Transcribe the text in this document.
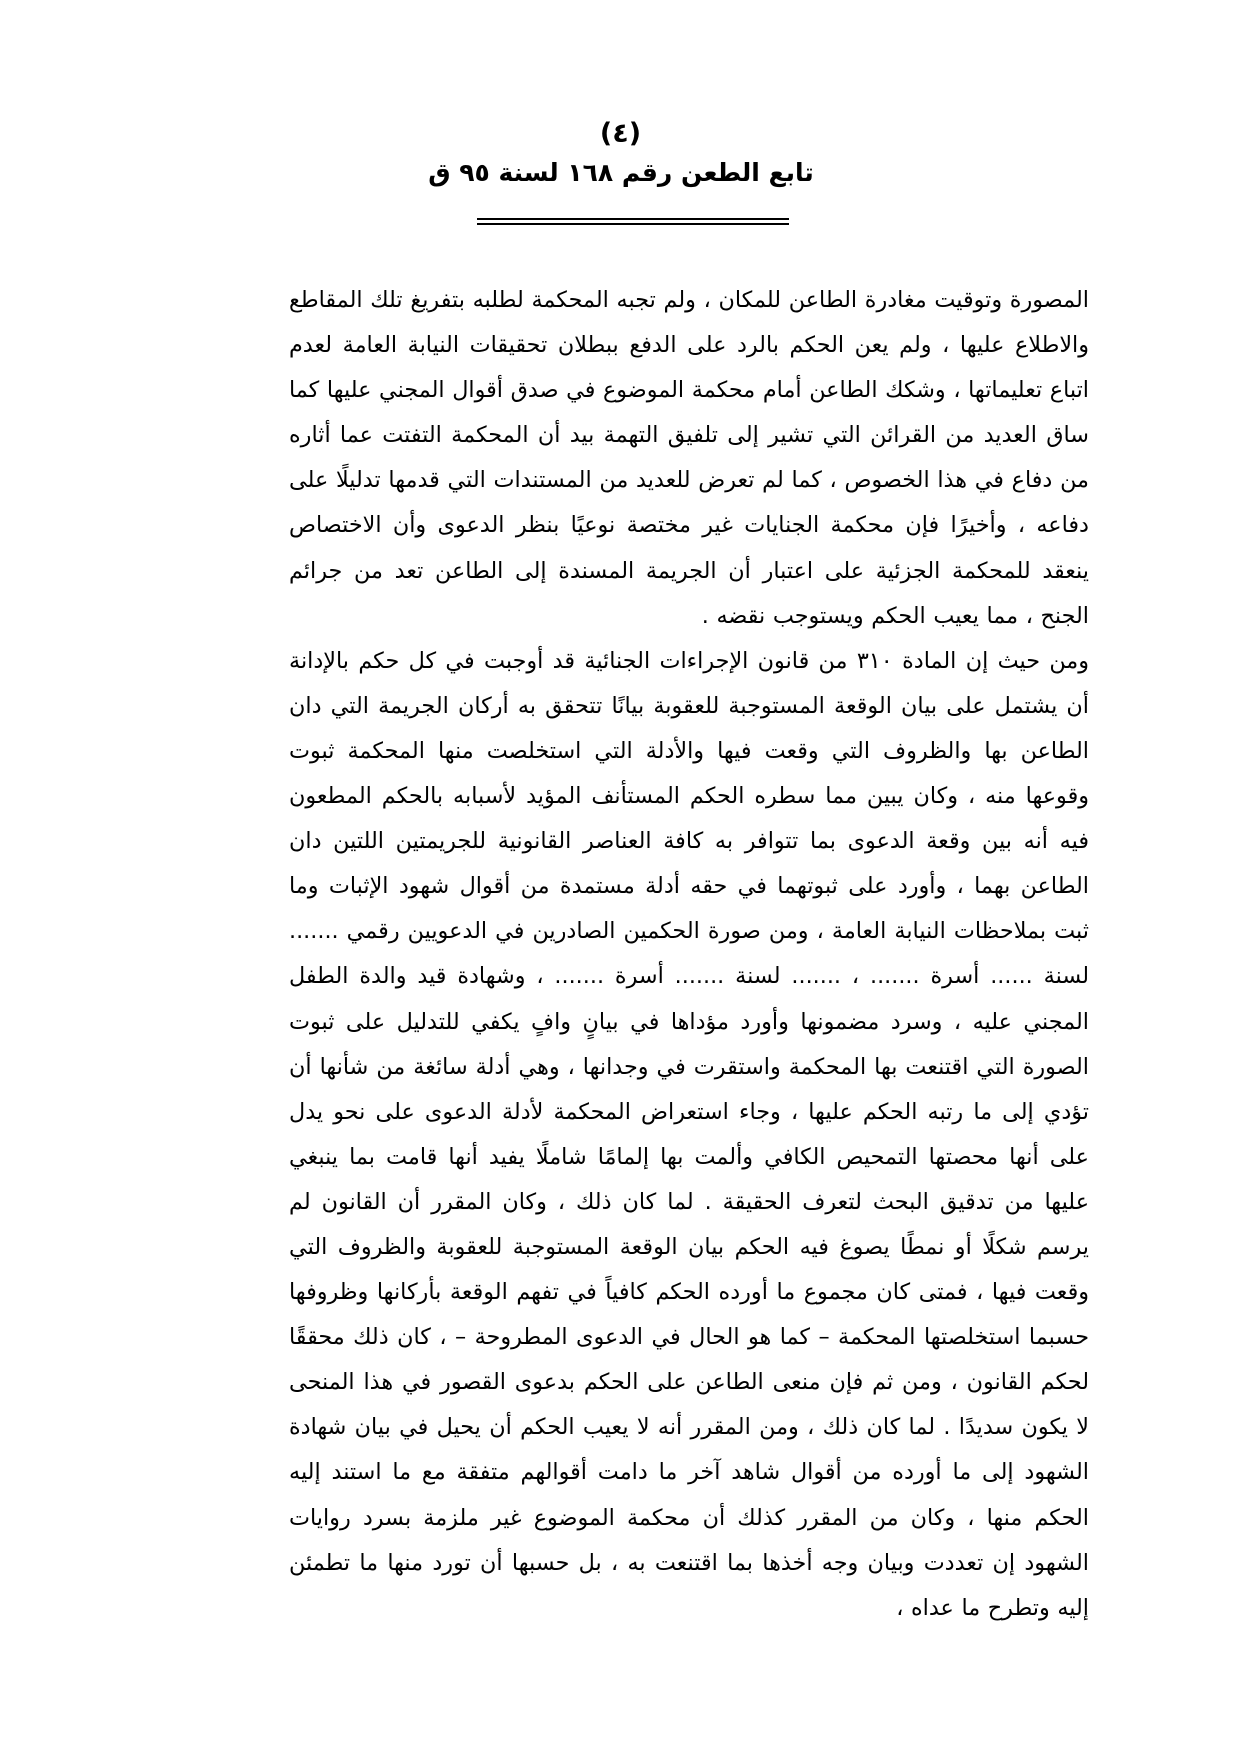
(٤)
تابع الطعن رقم ١٦٨ لسنة ٩٥ ق

المصورة وتوقيت مغادرة الطاعن للمكان ، ولم تجبه المحكمة لطلبه بتفريغ تلك المقاطع والاطلاع عليها ، ولم يعن الحكم بالرد على الدفع ببطلان تحقيقات النيابة العامة لعدم اتباع تعليماتها ، وشكك الطاعن أمام محكمة الموضوع في صدق أقوال المجني عليها كما ساق العديد من القرائن التي تشير إلى تلفيق التهمة بيد أن المحكمة التفتت عما أثاره من دفاع في هذا الخصوص ، كما لم تعرض للعديد من المستندات التي قدمها تدليلًا على دفاعه ، وأخيرًا فإن محكمة الجنايات غير مختصة نوعيًا بنظر الدعوى وأن الاختصاص ينعقد للمحكمة الجزئية على اعتبار أن الجريمة المسندة إلى الطاعن تعد من جرائم الجنح ، مما يعيب الحكم ويستوجب نقضه .

ومن حيث إن المادة ٣١٠ من قانون الإجراءات الجنائية قد أوجبت في كل حكم بالإدانة أن يشتمل على بيان الوقعة المستوجبة للعقوبة بيانًا تتحقق به أركان الجريمة التي دان الطاعن بها والظروف التي وقعت فيها والأدلة التي استخلصت منها المحكمة ثبوت وقوعها منه ، وكان يبين مما سطره الحكم المستأنف المؤيد لأسبابه بالحكم المطعون فيه أنه بين وقعة الدعوى بما تتوافر به كافة العناصر القانونية للجريمتين اللتين دان الطاعن بهما ، وأورد على ثبوتهما في حقه أدلة مستمدة من أقوال شهود الإثبات وما ثبت بملاحظات النيابة العامة ، ومن صورة الحكمين الصادرين في الدعويين رقمي ....... لسنة ...... أسرة ....... ، ....... لسنة ....... أسرة ....... ، وشهادة قيد والدة الطفل المجني عليه ، وسرد مضمونها وأورد مؤداها في بيانٍ وافٍ يكفي للتدليل على ثبوت الصورة التي اقتنعت بها المحكمة واستقرت في وجدانها ، وهي أدلة سائغة من شأنها أن تؤدي إلى ما رتبه الحكم عليها ، وجاء استعراض المحكمة لأدلة الدعوى على نحو يدل على أنها محصتها التمحيص الكافي وألمت بها إلمامًا شاملًا يفيد أنها قامت بما ينبغي عليها من تدقيق البحث لتعرف الحقيقة . لما كان ذلك ، وكان المقرر أن القانون لم يرسم شكلًا أو نمطًا يصوغ فيه الحكم بيان الوقعة المستوجبة للعقوبة والظروف التي وقعت فيها ، فمتى كان مجموع ما أورده الحكم كافياً في تفهم الوقعة بأركانها وظروفها حسبما استخلصتها المحكمة – كما هو الحال في الدعوى المطروحة – ، كان ذلك محققًا لحكم القانون ، ومن ثم فإن منعى الطاعن على الحكم بدعوى القصور في هذا المنحى لا يكون سديدًا . لما كان ذلك ، ومن المقرر أنه لا يعيب الحكم أن يحيل في بيان شهادة الشهود إلى ما أورده من أقوال شاهد آخر ما دامت أقوالهم متفقة مع ما استند إليه الحكم منها ، وكان من المقرر كذلك أن محكمة الموضوع غير ملزمة بسرد روايات الشهود إن تعددت وبيان وجه أخذها بما اقتنعت به ، بل حسبها أن تورد منها ما تطمئن إليه وتطرح ما عداه ،
